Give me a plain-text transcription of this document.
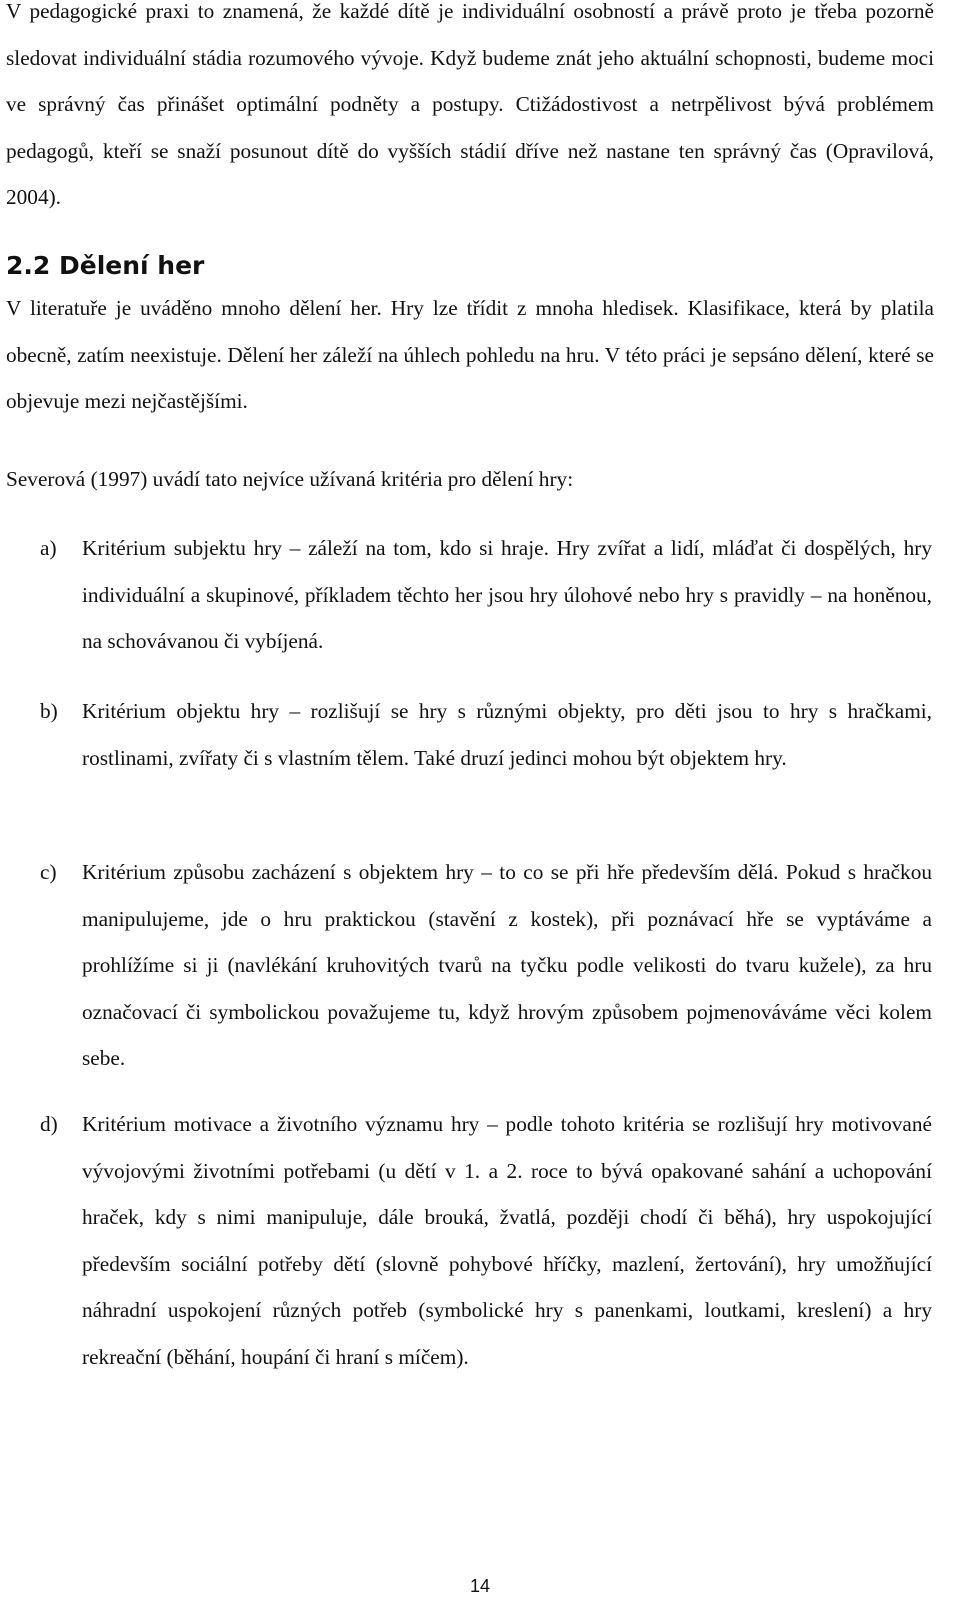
V pedagogické praxi to znamená, že každé dítě je individuální osobností a právě proto je třeba pozorně sledovat individuální stádia rozumového vývoje. Když budeme znát jeho aktuální schopnosti, budeme moci ve správný čas přinášet optimální podněty a postupy. Ctižádostivost a netrpělivost bývá problémem pedagogů, kteří se snaží posunout dítě do vyšších stádií dříve než nastane ten správný čas (Opravilová, 2004).

2.2 Dělení her

V literatuře je uváděno mnoho dělení her. Hry lze třídit z mnoha hledisek. Klasifikace, která by platila obecně, zatím neexistuje. Dělení her záleží na úhlech pohledu na hru. V této práci je sepsáno dělení, které se objevuje mezi nejčastějšími.

Severová (1997) uvádí tato nejvíce užívaná kritéria pro dělení hry:

a)	Kritérium subjektu hry – záleží na tom, kdo si hraje. Hry zvířat a lidí, mláďat či dospělých, hry individuální a skupinové, příkladem těchto her jsou hry úlohové nebo hry s pravidly – na honěnou, na schovávanou či vybíjená.
b)	Kritérium objektu hry – rozlišují se hry s různými objekty, pro děti jsou to hry s hračkami, rostlinami, zvířaty či s vlastním tělem. Také druzí jedinci mohou být objektem hry.
c)	Kritérium způsobu zacházení s objektem hry – to co se při hře především dělá. Pokud s hračkou manipulujeme, jde o hru praktickou (stavění z kostek), při poznávací hře se vyptáváme a prohlížíme si ji (navlékání kruhovitých tvarů na tyčku podle velikosti do tvaru kužele), za hru označovací či symbolickou považujeme tu, když hrovým způsobem pojmenováváme věci kolem sebe.
d)	Kritérium motivace a životního významu hry – podle tohoto kritéria se rozlišují hry motivované vývojovými životními potřebami (u dětí v 1. a 2. roce to bývá opakované sahání a uchopování hraček, kdy s nimi manipuluje, dále brouká, žvatlá, později chodí či běhá), hry uspokojující především sociální potřeby dětí (slovně pohybové hříčky, mazlení, žertování), hry umožňující náhradní uspokojení různých potřeb (symbolické hry s panenkami, loutkami, kreslení) a hry rekreační (běhání, houpání či hraní s míčem).

14
